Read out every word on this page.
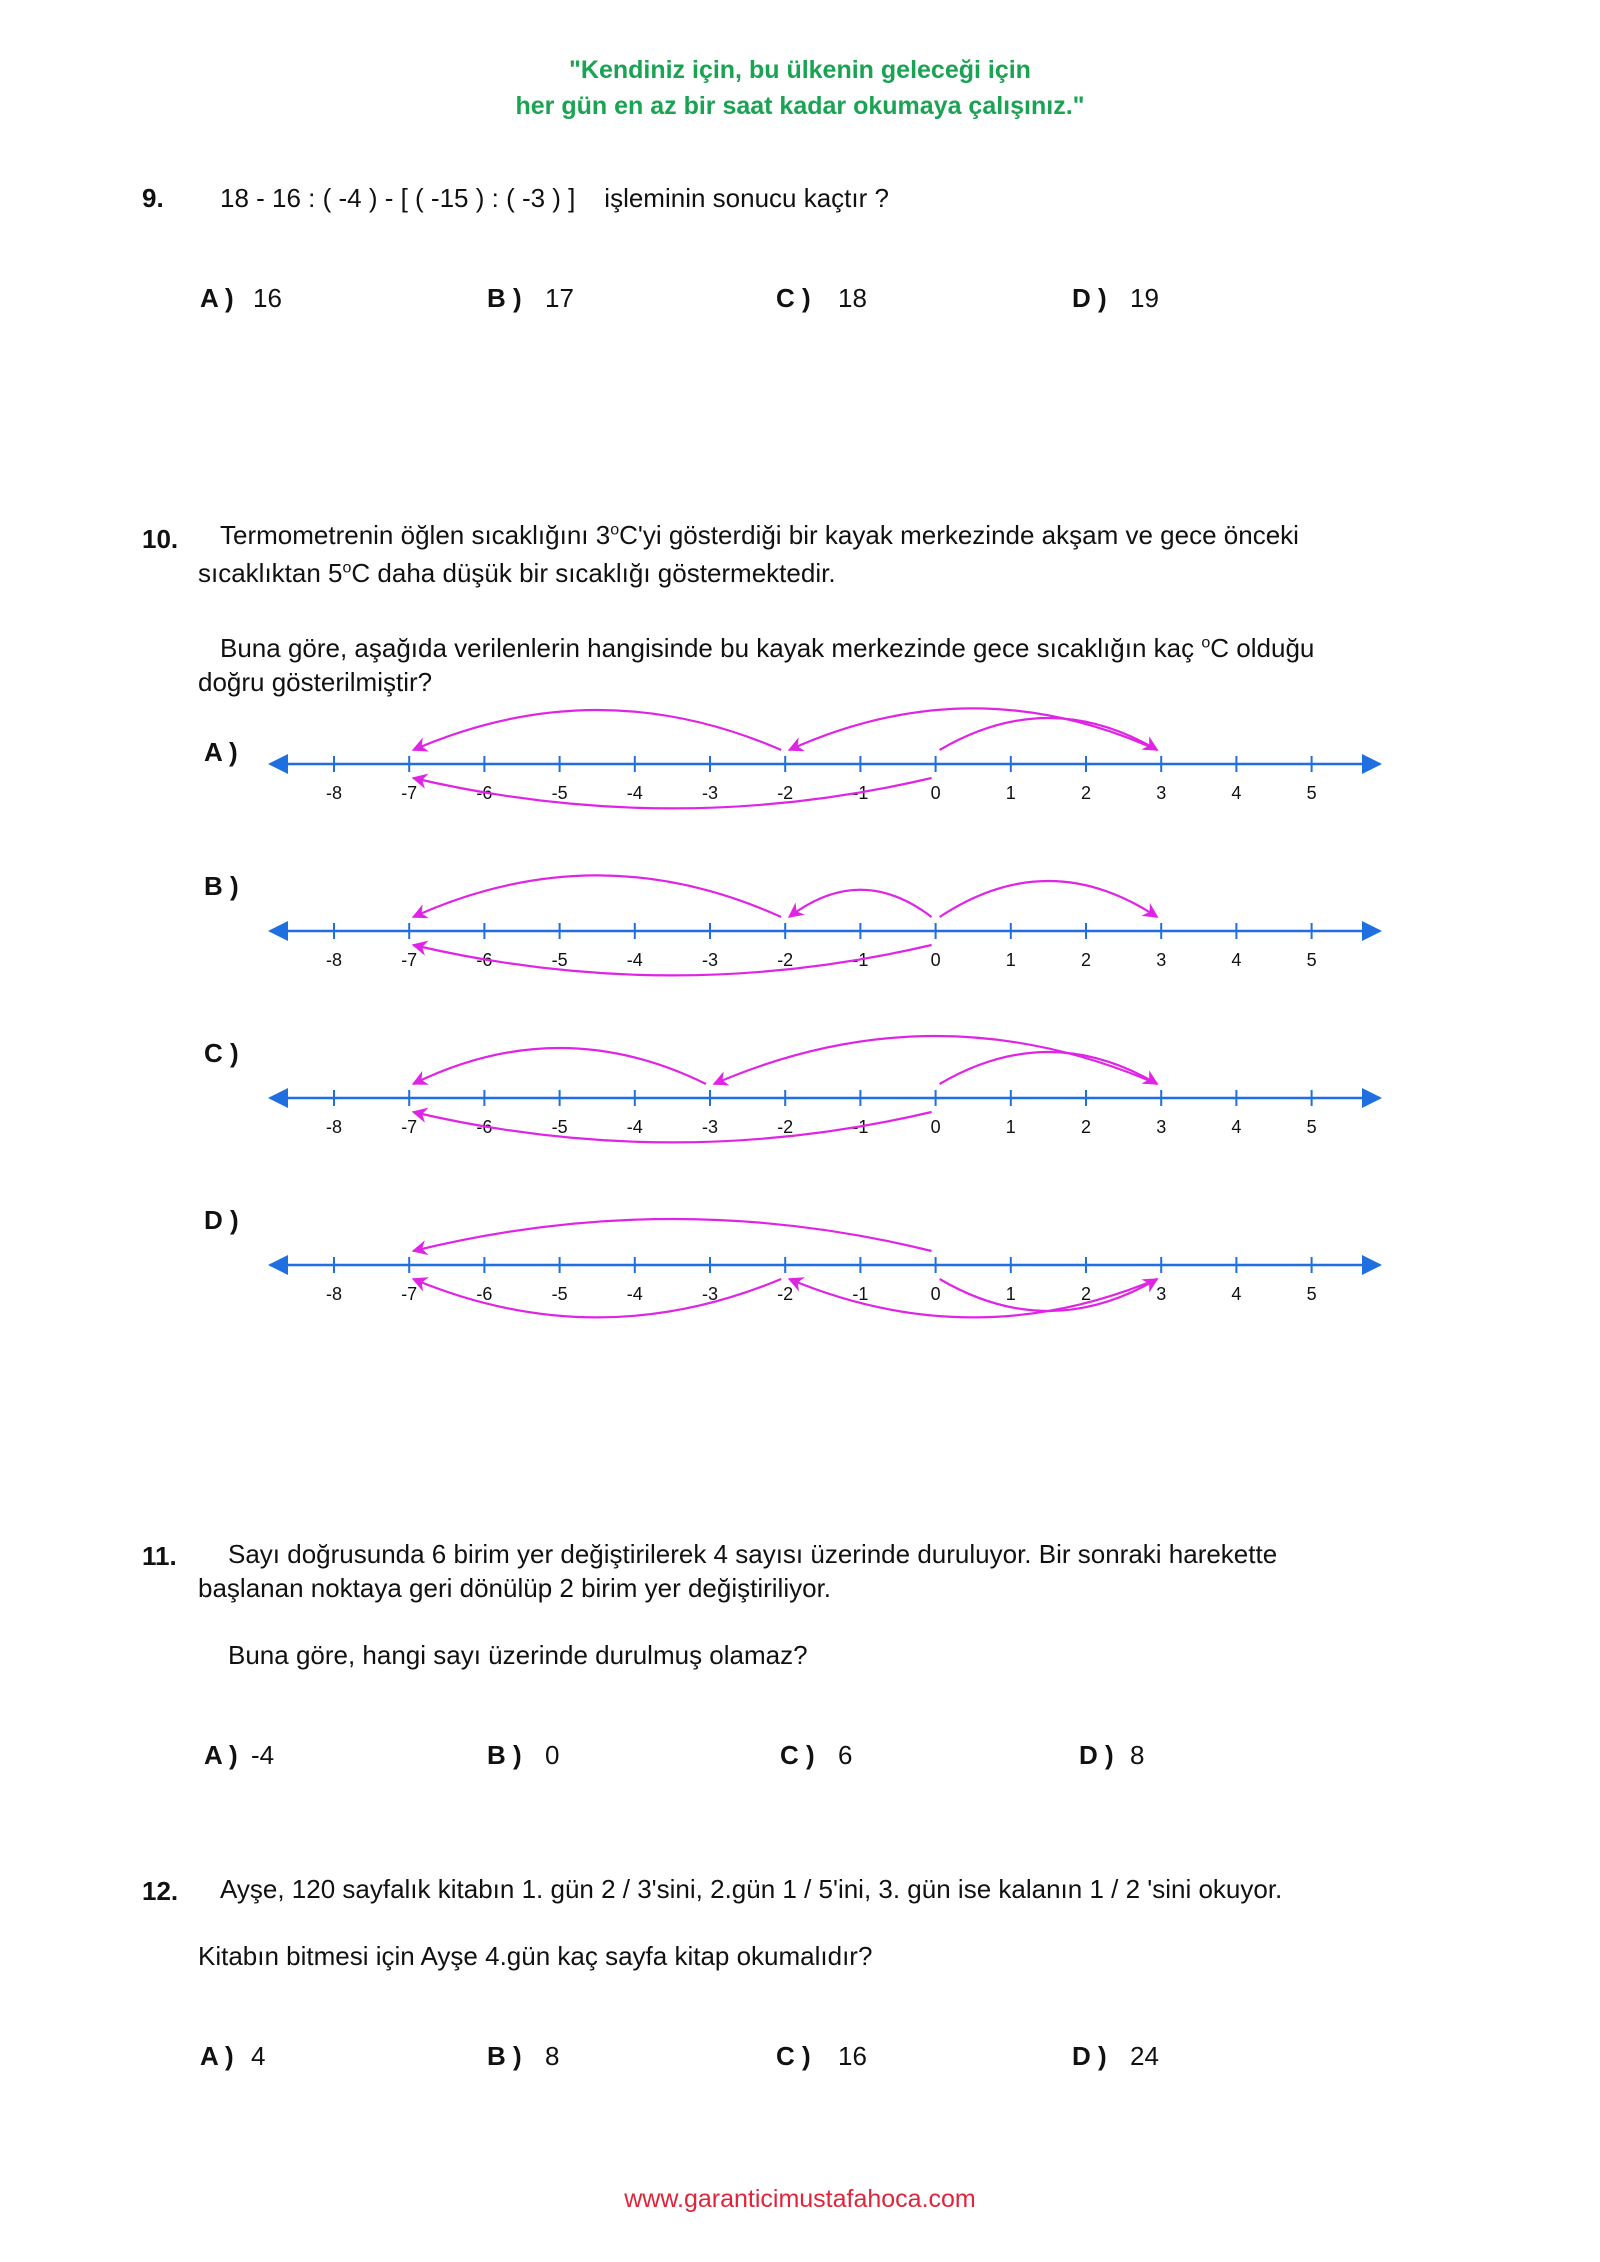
"Kendiniz için, bu ülkenin geleceği için
her gün en az bir saat kadar okumaya çalışınız."
9. 18 - 16 : ( -4 ) - [ ( -15 ) : ( -3 ) ]    işleminin sonucu kaçtır ?
A ) 16	B ) 17	C ) 18	D ) 19
10. Termometrenin öğlen sıcaklığını 3$^o$C'yi gösterdiği bir kayak merkezinde akşam ve gece önceki
sıcaklıktan 5$^o$C daha düşük bir sıcaklığı göstermektedir.
Buna göre, aşağıda verilenlerin hangisinde bu kayak merkezinde gece sıcaklığın kaç $^o$C olduğu
doğru gösterilmiştir?
A )
B )
C )
D )
-8	-7	-6	-5	-4	-3	-2	-1	0	1	2	3	4	5
-8	-7	-6	-5	-4	-3	-2	-1	0	1	2	3	4	5
-8	-7	-6	-5	-4	-3	-2	-1	0	1	2	3	4	5
-8	-7	-6	-5	-4	-3	-2	-1	0	1	2	3	4	5
11. Sayı doğrusunda 6 birim yer değiştirilerek 4 sayısı üzerinde duruluyor. Bir sonraki harekette
başlanan noktaya geri dönülüp 2 birim yer değiştiriliyor.
Buna göre, hangi sayı üzerinde durulmuş olamaz?
A ) -4	B ) 0	C ) 6	D ) 8
12. Ayşe, 120 sayfalık kitabın 1. gün 2 / 3'sini, 2.gün 1 / 5'ini, 3. gün ise kalanın 1 / 2 'sini okuyor.
Kitabın bitmesi için Ayşe 4.gün kaç sayfa kitap okumalıdır?
A ) 4	B ) 8	C ) 16	D ) 24
www.garanticimustafahoca.com
